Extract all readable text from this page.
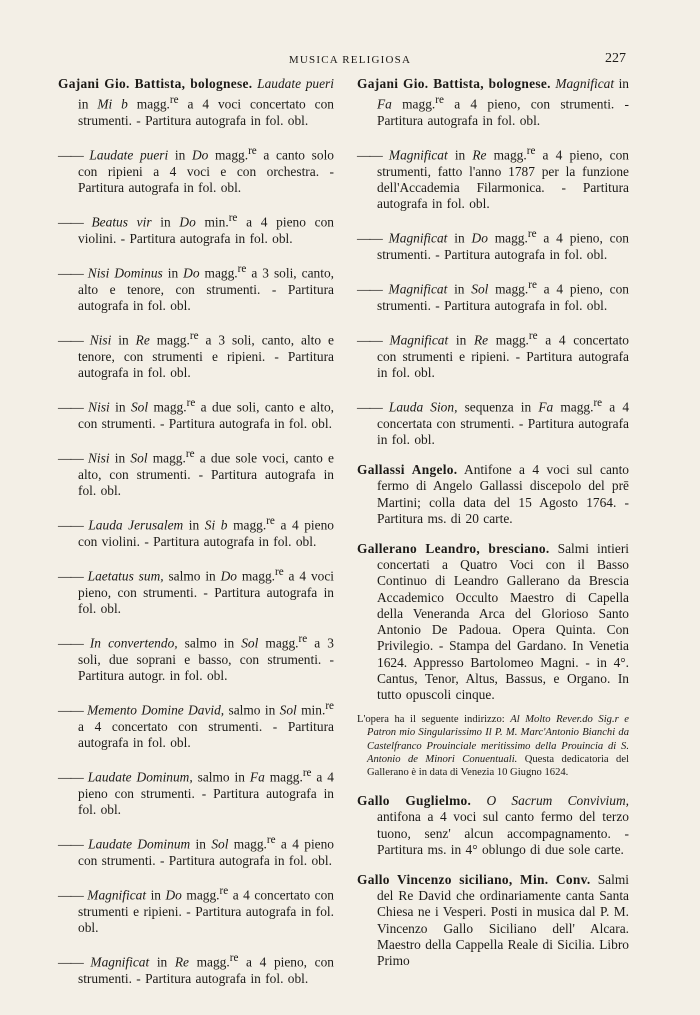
MUSICA RELIGIOSA	227
Gajani Gio. Battista, bolognese. Laudate pueri in Mi b magg.$^{re}$ a 4 voci concertato con strumenti. - Partitura autografa in fol. obl.
—— Laudate pueri in Do magg.$^{re}$ a canto solo con ripieni a 4 voci e con orchestra. - Partitura autografa in fol. obl.
—— Beatus vir in Do min.$^{re}$ a 4 pieno con violini. - Partitura autografa in fol. obl.
—— Nisi Dominus in Do magg.$^{re}$ a 3 soli, canto, alto e tenore, con strumenti. - Partitura autografa in fol. obl.
—— Nisi in Re magg.$^{re}$ a 3 soli, canto, alto e tenore, con strumenti e ripieni. - Partitura autografa in fol. obl.
—— Nisi in Sol magg.$^{re}$ a due soli, canto e alto, con strumenti. - Partitura autografa in fol. obl.
—— Nisi in Sol magg.$^{re}$ a due sole voci, canto e alto, con strumenti. - Partitura autografa in fol. obl.
—— Lauda Jerusalem in Si b magg.$^{re}$ a 4 pieno con violini. - Partitura autografa in fol. obl.
—— Laetatus sum, salmo in Do magg.$^{re}$ a 4 voci pieno, con strumenti. - Partitura autografa in fol. obl.
—— In convertendo, salmo in Sol magg.$^{re}$ a 3 soli, due soprani e basso, con strumenti. - Partitura autogr. in fol. obl.
—— Memento Domine David, salmo in Sol min.$^{re}$ a 4 concertato con strumenti. - Partitura autografa in fol. obl.
—— Laudate Dominum, salmo in Fa magg.$^{re}$ a 4 pieno con strumenti. - Partitura autografa in fol. obl.
—— Laudate Dominum in Sol magg.$^{re}$ a 4 pieno con strumenti. - Partitura autografa in fol. obl.
—— Magnificat in Do magg.$^{re}$ a 4 concertato con strumenti e ripieni. - Partitura autografa in fol. obl.
—— Magnificat in Re magg.$^{re}$ a 4 pieno, con strumenti. - Partitura autografa in fol. obl.
Gajani Gio. Battista, bolognese. Magnificat in Fa magg.$^{re}$ a 4 pieno, con strumenti. - Partitura autografa in fol. obl.
—— Magnificat in Re magg.$^{re}$ a 4 pieno, con strumenti, fatto l'anno 1787 per la funzione dell'Accademia Filarmonica. - Partitura autografa in fol. obl.
—— Magnificat in Do magg.$^{re}$ a 4 pieno, con strumenti. - Partitura autografa in fol. obl.
—— Magnificat in Sol magg.$^{re}$ a 4 pieno, con strumenti. - Partitura autografa in fol. obl.
—— Magnificat in Re magg.$^{re}$ a 4 concertato con strumenti e ripieni. - Partitura autografa in fol. obl.
—— Lauda Sion, sequenza in Fa magg.$^{re}$ a 4 concertata con strumenti. - Partitura autografa in fol. obl.
Gallassi Angelo. Antifone a 4 voci sul canto fermo di Angelo Gallassi discepolo del prē Martini; colla data del 15 Agosto 1764. - Partitura ms. di 20 carte.
Gallerano Leandro, bresciano. Salmi intieri concertati a Quatro Voci con il Basso Continuo di Leandro Gallerano da Brescia Accademico Occulto Maestro di Capella della Veneranda Arca del Glorioso Santo Antonio De Padoua. Opera Quinta. Con Privilegio. - Stampa del Gardano. In Venetia 1624. Appresso Bartolomeo Magni. - in 4°. Cantus, Tenor, Altus, Bassus, e Organo. In tutto opuscoli cinque.
L'opera ha il seguente indirizzo: Al Molto Rever.do Sig.r e Patron mio Singularissimo Il P. M. Marc'Antonio Bianchi da Castelfranco Prouinciale meritissimo della Prouincia di S. Antonio de Minori Conuentuali. Questa dedicatoria del Gallerano è in data di Venezia 10 Giugno 1624.
Gallo Guglielmo. O Sacrum Convivium, antifona a 4 voci sul canto fermo del terzo tuono, senz' alcun accompagnamento. - Partitura ms. in 4° oblungo di due sole carte.
Gallo Vincenzo siciliano, Min. Conv. Salmi del Re David che ordinariamente canta Santa Chiesa ne i Vesperi. Posti in musica dal P. M. Vincenzo Gallo Siciliano dell' Alcara. Maestro della Cappella Reale di Sicilia. Libro Primo
